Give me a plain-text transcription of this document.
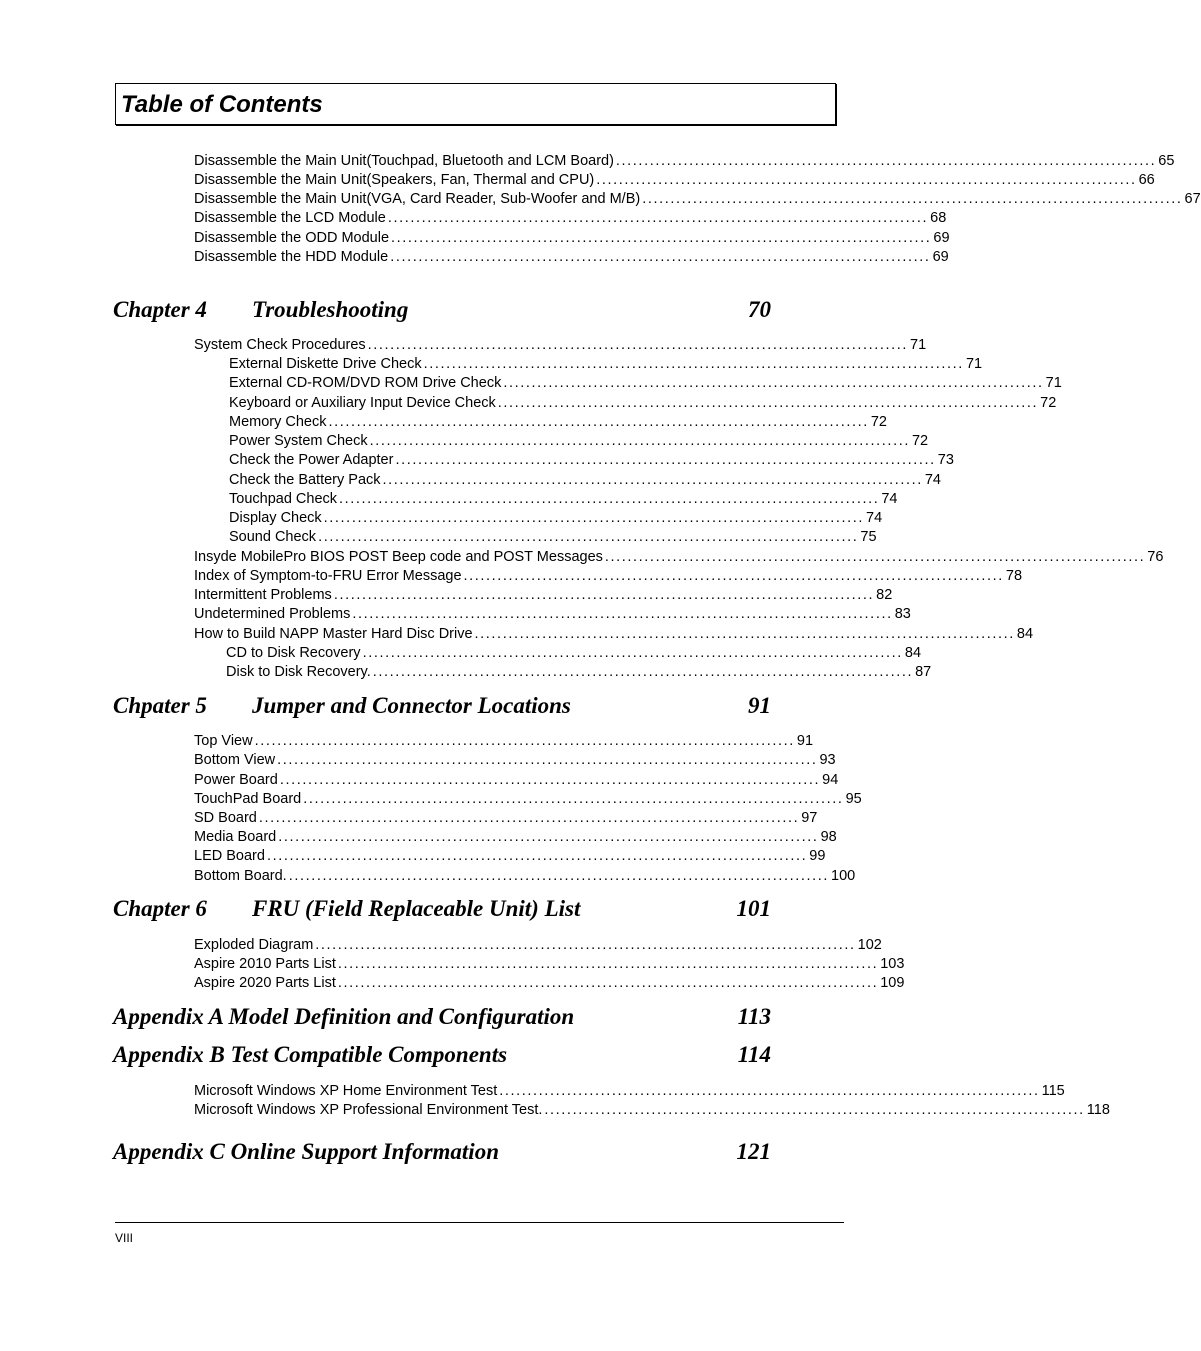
Table of Contents
Disassemble the Main Unit(Touchpad, Bluetooth and LCM Board) ................................................................................................ 65
Disassemble the Main Unit(Speakers, Fan, Thermal and CPU) ................................................................................................ 66
Disassemble the Main Unit(VGA, Card Reader, Sub-Woofer and M/B) ................................................................................................ 67
Disassemble the LCD Module ................................................................................................ 68
Disassemble the ODD Module ................................................................................................ 69
Disassemble the HDD Module ................................................................................................ 69
Chapter 4 Troubleshooting	70
System Check Procedures ................................................................................................ 71
External Diskette Drive Check ................................................................................................ 71
External CD-ROM/DVD ROM Drive Check ................................................................................................ 71
Keyboard or Auxiliary Input Device Check ................................................................................................ 72
Memory Check ................................................................................................ 72
Power System Check ................................................................................................ 72
Check the Power Adapter ................................................................................................ 73
Check the Battery Pack ................................................................................................ 74
Touchpad Check ................................................................................................ 74
Display Check ................................................................................................ 74
Sound Check ................................................................................................ 75
Insyde MobilePro BIOS POST Beep code and POST Messages ................................................................................................ 76
Index of Symptom-to-FRU Error Message ................................................................................................ 78
Intermittent Problems ................................................................................................ 82
Undetermined Problems ................................................................................................ 83
How to Build NAPP Master Hard Disc Drive ................................................................................................ 84
CD to Disk Recovery ................................................................................................ 84
Disk to Disk Recovery. ................................................................................................ 87
Chpater 5 Jumper and Connector Locations	91
Top View ................................................................................................ 91
Bottom View ................................................................................................ 93
Power Board ................................................................................................ 94
TouchPad Board ................................................................................................ 95
SD Board ................................................................................................ 97
Media Board ................................................................................................ 98
LED Board ................................................................................................ 99
Bottom Board. ................................................................................................ 100
Chapter 6 FRU (Field Replaceable Unit) List	101
Exploded Diagram ................................................................................................ 102
Aspire 2010 Parts List ................................................................................................ 103
Aspire 2020 Parts List ................................................................................................ 109
Appendix A Model Definition and Configuration	113
Appendix B Test Compatible Components	114
Microsoft Windows XP Home Environment Test ................................................................................................ 115
Microsoft Windows XP Professional Environment Test. ................................................................................................ 118
Appendix C Online Support Information	121
VIII
